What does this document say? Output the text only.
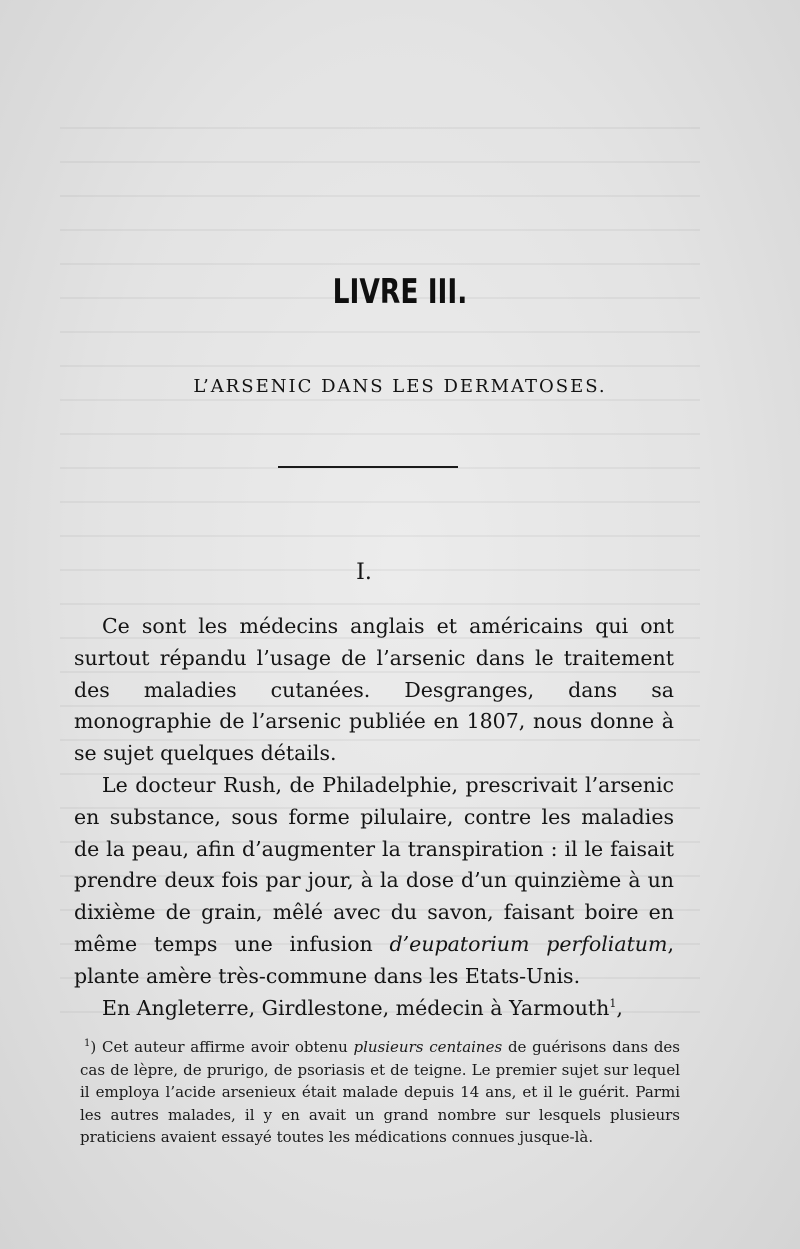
LIVRE III.
L’ARSENIC DANS LES DERMATOSES.
I.

Ce sont les médecins anglais et américains qui ont surtout répandu l’usage de l’arsenic dans le traitement des maladies cutanées. Desgranges, dans sa monographie de l’arsenic publiée en 1807, nous donne à se sujet quelques détails.

Le docteur Rush, de Philadelphie, prescrivait l’arsenic en substance, sous forme pilulaire, contre les maladies de la peau, afin d’augmenter la transpiration : il le faisait prendre deux fois par jour, à la dose d’un quinzième à un dixième de grain, mêlé avec du savon, faisant boire en même temps une infusion d’eupatorium perfoliatum, plante amère très-commune dans les Etats-Unis.

En Angleterre, Girdlestone, médecin à Yarmouth$^1$,

$^1$) Cet auteur affirme avoir obtenu plusieurs centaines de guérisons dans des cas de lèpre, de prurigo, de psoriasis et de teigne. Le premier sujet sur lequel il employa l’acide arsenieux était malade depuis 14 ans, et il le guérit. Parmi les autres malades, il y en avait un grand nombre sur lesquels plusieurs praticiens avaient essayé toutes les médications connues jusque-là.
